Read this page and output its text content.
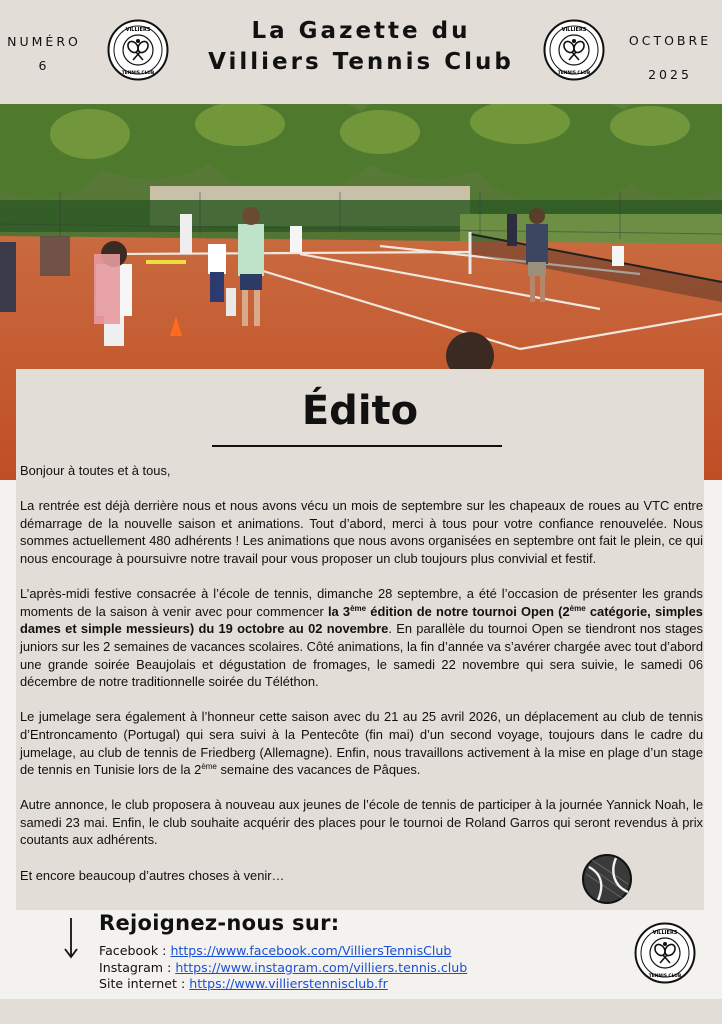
NUMÉRO
6
VILLIERS
TENNIS CLUB
La Gazette du
Villiers Tennis Club
VILLIERS
TENNIS CLUB
OCTOBRE
2025
Édito

Bonjour à toutes et à tous,

La rentrée est déjà derrière nous et nous avons vécu un mois de septembre sur les chapeaux de roues au VTC entre démarrage de la nouvelle saison et animations. Tout d’abord, merci à tous pour votre confiance renouvelée. Nous sommes actuellement 480 adhérents ! Les animations que nous avons organisées en septembre ont fait le plein, ce qui nous encourage à poursuivre notre travail pour vous proposer un club toujours plus convivial et festif.

L’après-midi festive consacrée à l’école de tennis, dimanche 28 septembre, a été l’occasion de présenter les grands moments de la saison à venir avec pour commencer la 3ème édition de notre tournoi Open (2ème catégorie, simples dames et simple messieurs) du 19 octobre au 02 novembre. En parallèle du tournoi Open se tiendront nos stages juniors sur les 2 semaines de vacances scolaires. Côté animations, la fin d’année va s’avérer chargée avec tout d’abord une grande soirée Beaujolais et dégustation de fromages, le samedi 22 novembre qui sera suivie, le samedi 06 décembre de notre traditionnelle soirée du Téléthon.

Le jumelage sera également à l’honneur cette saison avec du 21 au 25 avril 2026, un déplacement au club de tennis d’Entroncamento (Portugal) qui sera suivi à la Pentecôte (fin mai) d’un second voyage, toujours dans le cadre du jumelage, au club de tennis de Friedberg (Allemagne). Enfin, nous travaillons activement à la mise en plage d’un stage de tennis en Tunisie lors de la 2ème semaine des vacances de Pâques.

Autre annonce, le club proposera à nouveau aux jeunes de l’école de tennis de participer à la journée Yannick Noah, le samedi 23 mai. Enfin, le club souhaite acquérir des places pour le tournoi de Roland Garros qui seront revendus à prix coutants aux adhérents.

Et encore beaucoup d’autres choses à venir…

Rejoignez-nous sur:
Facebook : https://www.facebook.com/VilliersTennisClub
Instagram : https://www.instagram.com/villiers.tennis.club
Site internet : https://www.villierstennisclub.fr
VILLIERS
TENNIS CLUB
